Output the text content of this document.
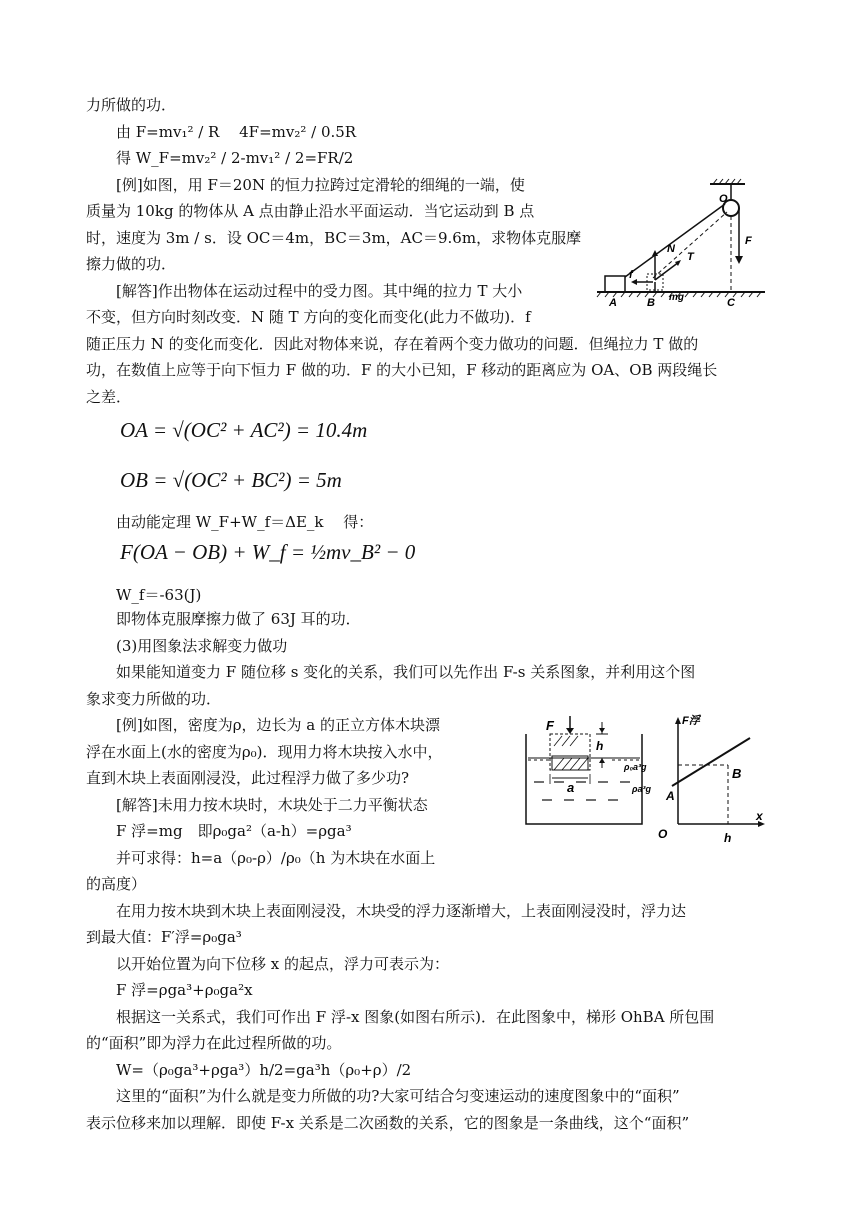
力所做的功．
由 F=mv₁² / R　 4F=mv₂² / 0.5R
得 W_F=mv₂² / 2-mv₁² / 2=FR/2
[例]如图，用 F＝20N 的恒力拉跨过定滑轮的细绳的一端，使
质量为 10kg 的物体从 A 点由静止沿水平面运动．当它运动到 B 点
时，速度为 3m / s．设 OC＝4m，BC＝3m，AC＝9.6m，求物体克服摩
擦力做的功．
[解答]作出物体在运动过程中的受力图。其中绳的拉力 T 大小
不变，但方向时刻改变．N 随 T 方向的变化而变化(此力不做功)．f
随正压力 N 的变化而变化．因此对物体来说，存在着两个变力做功的问题．但绳拉力 T 做的
功，在数值上应等于向下恒力 F 做的功．F 的大小已知，F 移动的距离应为 OA、OB 两段绳长
之差．
由动能定理 W_F+W_f＝ΔE_k　 得：
W_f＝-63(J)
即物体克服摩擦力做了 63J 耳的功．
(3)用图象法求解变力做功
如果能知道变力 F 随位移 s 变化的关系，我们可以先作出 F-s 关系图象，并利用这个图
象求变力所做的功．
[例]如图，密度为ρ，边长为 a 的正立方体木块漂
浮在水面上(水的密度为ρ₀)．现用力将木块按入水中，
直到木块上表面刚浸没，此过程浮力做了多少功?
[解答]未用力按木块时，木块处于二力平衡状态
F 浮=mg　即ρ₀ga²（a-h）=ρga³
并可求得：h=a（ρ₀-ρ）/ρ₀（h 为木块在水面上
的高度）
在用力按木块到木块上表面刚浸没，木块受的浮力逐渐增大，上表面刚浸没时，浮力达
到最大值：F′浮=ρ₀ga³
以开始位置为向下位移 x 的起点，浮力可表示为：
F 浮=ρga³+ρ₀ga²x
根据这一关系式，我们可作出 F 浮-x 图象(如图右所示)．在此图象中，梯形 OhBA 所包围
的“面积”即为浮力在此过程所做的功。
W=（ρ₀ga³+ρga³）h/2=ga³h（ρ₀+ρ）/2
这里的“面积”为什么就是变力所做的功?大家可结合匀变速运动的速度图象中的“面积”
表示位移来加以理解．即使 F-x 关系是二次函数的关系，它的图象是一条曲线，这个“面积”
OA = √(OC² + AC²) = 10.4m
OB = √(OC² + BC²) = 5m
F(OA − OB) + W_f = ½mv_B² − 0
O
F
N
T
f
A	B mg	C
F
h
a
F浮
ρ₀a³g
ρa³g A
B
O
x
h
